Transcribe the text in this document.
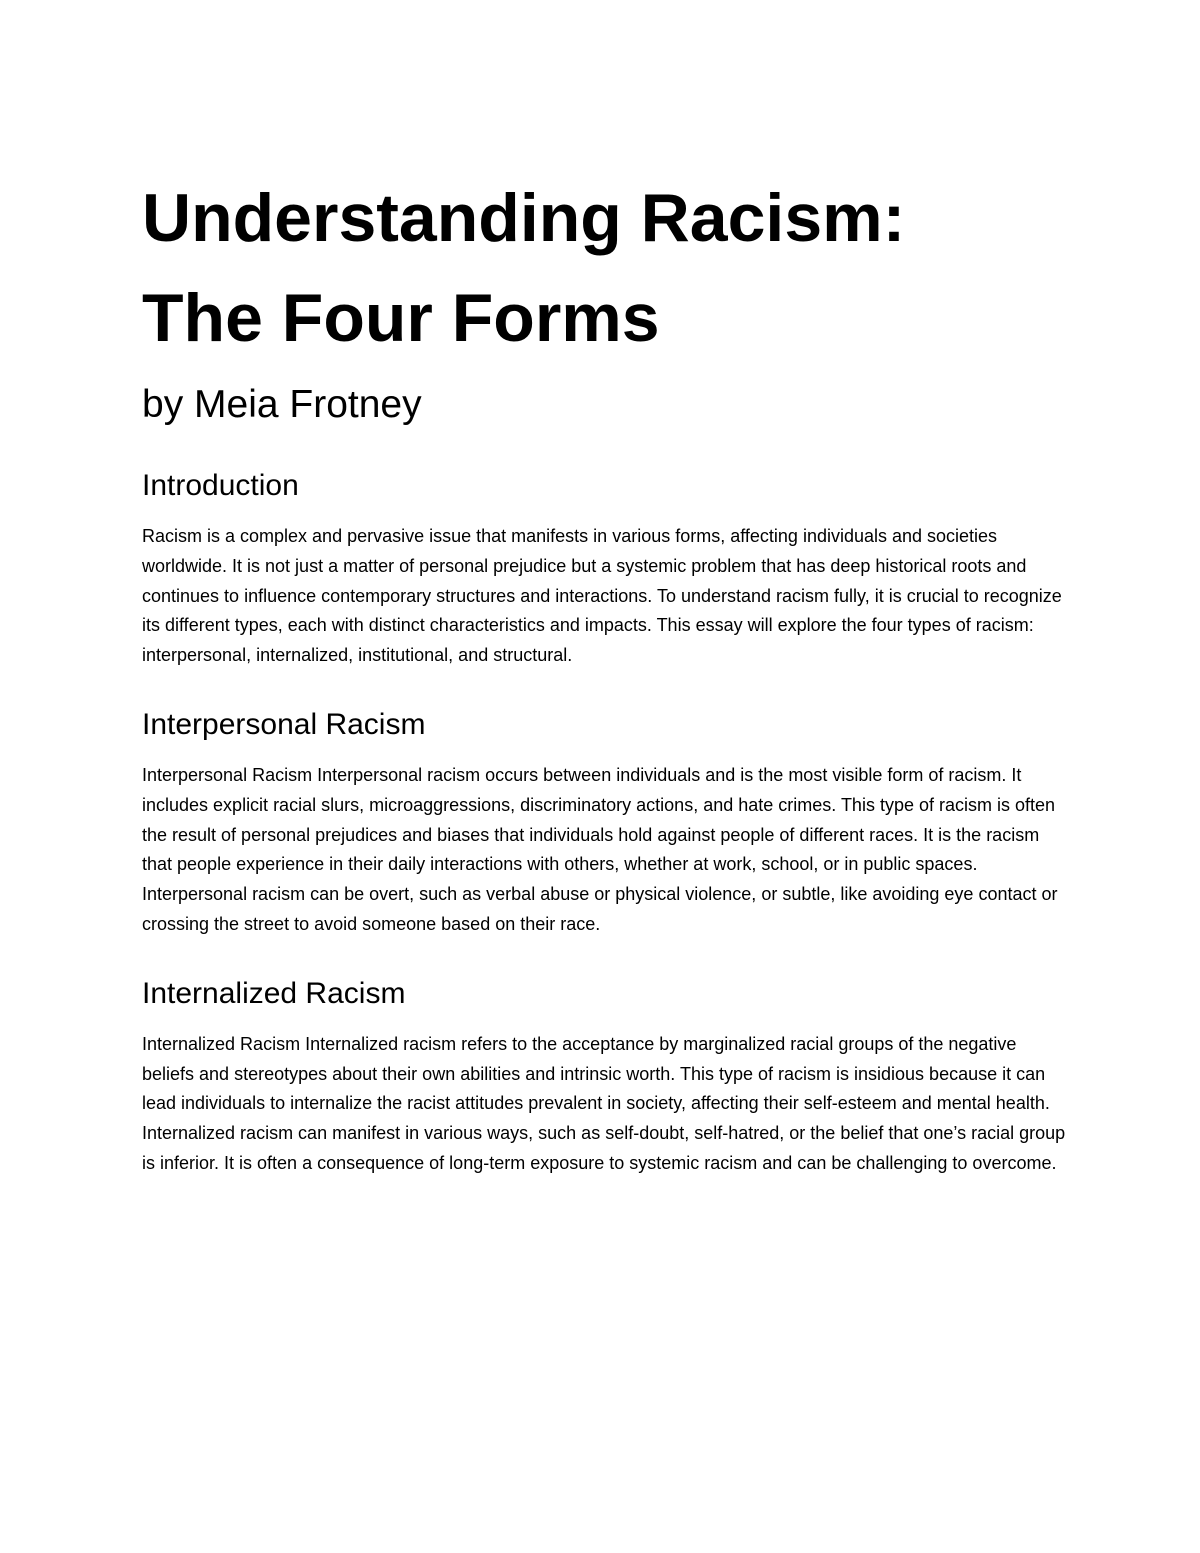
Understanding Racism:
The Four Forms
by Meia Frotney
Introduction

Racism is a complex and pervasive issue that manifests in various forms, affecting individuals and societies worldwide. It is not just a matter of personal prejudice but a systemic problem that has deep historical roots and continues to influence contemporary structures and interactions. To understand racism fully, it is crucial to recognize its different types, each with distinct characteristics and impacts. This essay will explore the four types of racism: interpersonal, internalized, institutional, and structural.

Interpersonal Racism

Interpersonal Racism Interpersonal racism occurs between individuals and is the most visible form of racism. It includes explicit racial slurs, microaggressions, discriminatory actions, and hate crimes. This type of racism is often the result of personal prejudices and biases that individuals hold against people of different races. It is the racism that people experience in their daily interactions with others, whether at work, school, or in public spaces. Interpersonal racism can be overt, such as verbal abuse or physical violence, or subtle, like avoiding eye contact or crossing the street to avoid someone based on their race.

Internalized Racism

Internalized Racism Internalized racism refers to the acceptance by marginalized racial groups of the negative beliefs and stereotypes about their own abilities and intrinsic worth. This type of racism is insidious because it can lead individuals to internalize the racist attitudes prevalent in society, affecting their self-esteem and mental health. Internalized racism can manifest in various ways, such as self-doubt, self-hatred, or the belief that one’s racial group is inferior. It is often a consequence of long-term exposure to systemic racism and can be challenging to overcome.
